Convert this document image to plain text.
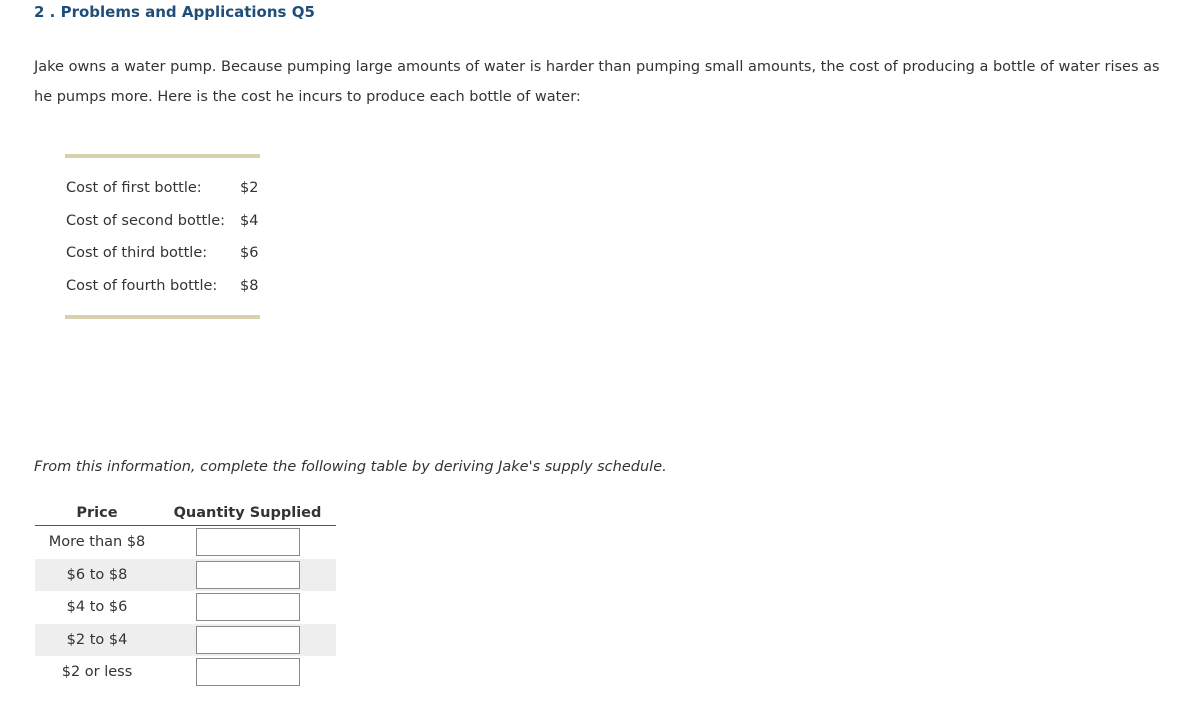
2 . Problems and Applications Q5
Jake owns a water pump. Because pumping large amounts of water is harder than pumping small amounts, the cost of producing a bottle of water rises as he pumps more. Here is the cost he incurs to produce each bottle of water:
Cost of first bottle:	$2
Cost of second bottle:	$4
Cost of third bottle:	$6
Cost of fourth bottle:	$8
From this information, complete the following table by deriving Jake's supply schedule.
Price	Quantity Supplied
More than $8	

$6 to $8	

$4 to $6	

$2 to $4	

$2 or less	
